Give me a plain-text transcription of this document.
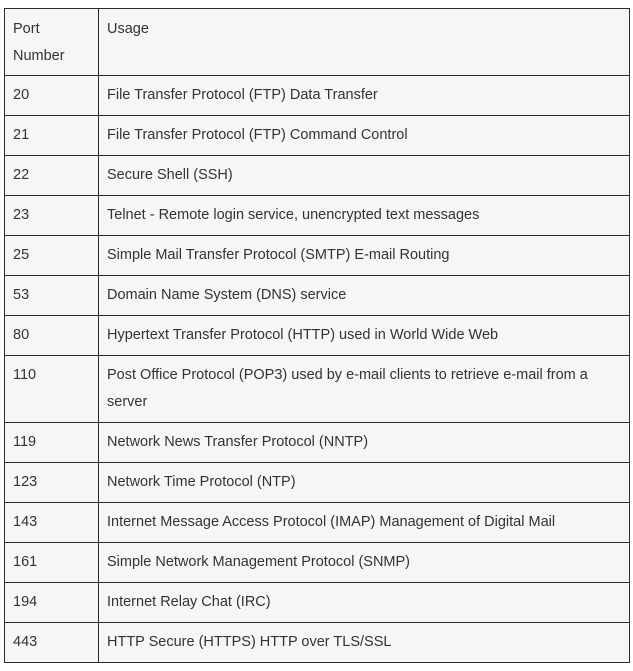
Port Number	Usage
20	File Transfer Protocol (FTP) Data Transfer
21	File Transfer Protocol (FTP) Command Control
22	Secure Shell (SSH)
23	Telnet - Remote login service, unencrypted text messages
25	Simple Mail Transfer Protocol (SMTP) E-mail Routing
53	Domain Name System (DNS) service
80	Hypertext Transfer Protocol (HTTP) used in World Wide Web
110	Post Office Protocol (POP3) used by e-mail clients to retrieve e-mail from a server
119	Network News Transfer Protocol (NNTP)
123	Network Time Protocol (NTP)
143	Internet Message Access Protocol (IMAP) Management of Digital Mail
161	Simple Network Management Protocol (SNMP)
194	Internet Relay Chat (IRC)
443	HTTP Secure (HTTPS) HTTP over TLS/SSL
